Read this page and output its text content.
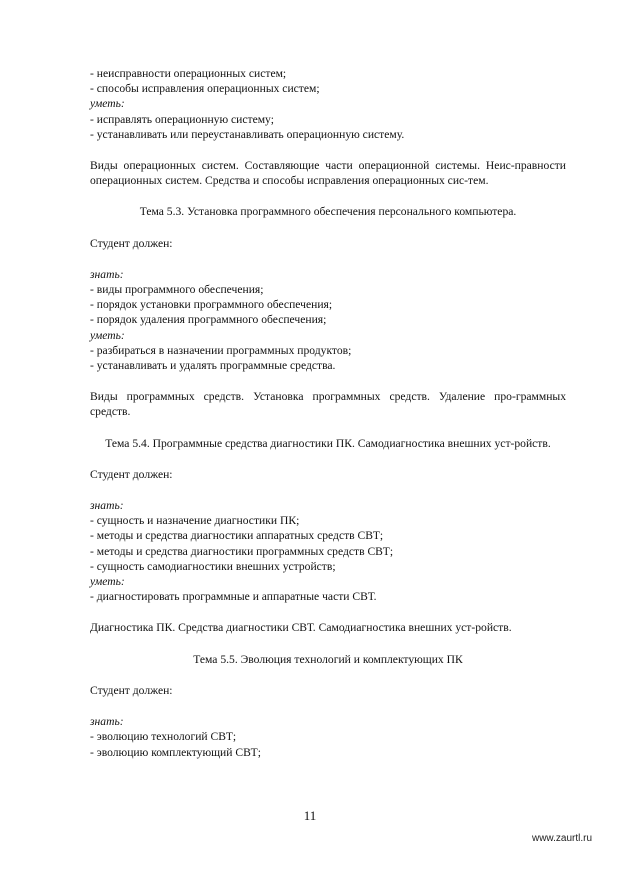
- неисправности операционных систем;
- способы исправления операционных систем;
уметь:
- исправлять операционную систему;
- устанавливать или переустанавливать операционную систему.
Виды операционных систем. Составляющие части операционной системы. Неис-правности операционных систем. Средства и способы исправления операционных сис-тем.
Тема 5.3. Установка программного обеспечения персонального компьютера.
Студент должен:
знать:
- виды программного обеспечения;
- порядок установки программного обеспечения;
- порядок удаления программного обеспечения;
уметь:
- разбираться в назначении программных продуктов;
- устанавливать и удалять программные средства.
Виды программных средств. Установка программных средств. Удаление про-граммных средств.
Тема 5.4. Программные средства диагностики ПК. Самодиагностика внешних уст-ройств.
Студент должен:
знать:
- сущность и назначение диагностики ПК;
- методы и средства диагностики аппаратных средств СВТ;
- методы и средства диагностики программных средств СВТ;
- сущность самодиагностики внешних устройств;
уметь:
- диагностировать программные и аппаратные части СВТ.
Диагностика ПК. Средства диагностики СВТ. Самодиагностика внешних уст-ройств.
Тема 5.5. Эволюция технологий и комплектующих ПК
Студент должен:
знать:
- эволюцию технологий СВТ;
- эволюцию комплектующий СВТ;
11
www.zaurtl.ru
